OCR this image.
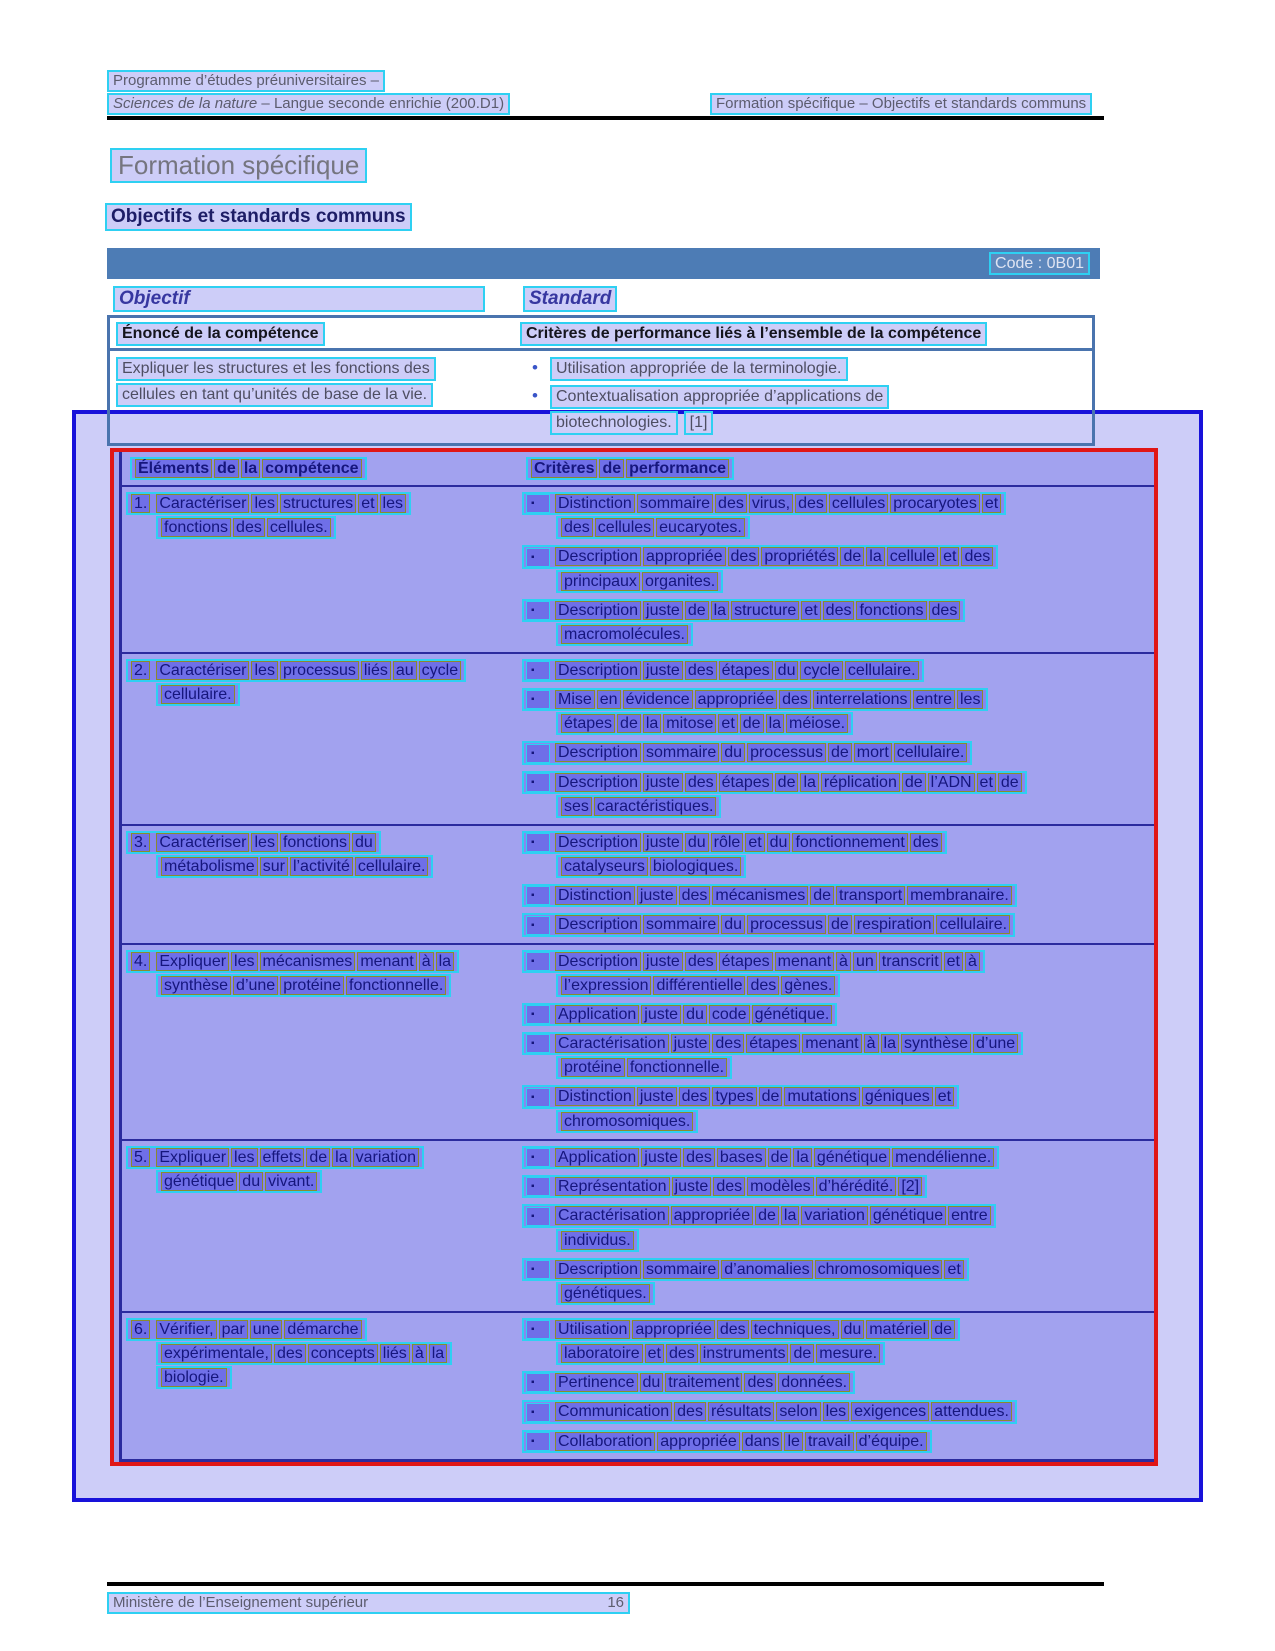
Programme d’études préuniversitaires –
Sciences de la nature – Langue seconde enrichie (200.D1)	Formation spécifique – Objectifs et standards communs
Formation spécifique
Objectifs et standards communs
Code : 0B01
Objectif	Standard
Énoncé de la compétence	Critères de performance liés à l’ensemble de la compétence
Expliquer les structures et les fonctions des
cellules en tant qu’unités de base de la vie.
• Utilisation appropriée de la terminologie.
• Contextualisation appropriée d’applications de
biotechnologies. [1]
Éléments de la compétence	Critères de performance
1. Caractériser les structures et les
fonctions des cellules.
▪ Distinction sommaire des virus, des cellules procaryotes et
des cellules eucaryotes.
▪ Description appropriée des propriétés de la cellule et des
principaux organites.
▪ Description juste de la structure et des fonctions des
macromolécules.
2. Caractériser les processus liés au cycle
cellulaire.
▪ Description juste des étapes du cycle cellulaire.
▪ Mise en évidence appropriée des interrelations entre les
étapes de la mitose et de la méiose.
▪ Description sommaire du processus de mort cellulaire.
▪ Description juste des étapes de la réplication de l’ADN et de
ses caractéristiques.
3. Caractériser les fonctions du
métabolisme sur l’activité cellulaire.
▪ Description juste du rôle et du fonctionnement des
catalyseurs biologiques.
▪ Distinction juste des mécanismes de transport membranaire.
▪ Description sommaire du processus de respiration cellulaire.
4. Expliquer les mécanismes menant à la
synthèse d’une protéine fonctionnelle.
▪ Description juste des étapes menant à un transcrit et à
l’expression différentielle des gènes.
▪ Application juste du code génétique.
▪ Caractérisation juste des étapes menant à la synthèse d’une
protéine fonctionnelle.
▪ Distinction juste des types de mutations géniques et
chromosomiques.
5. Expliquer les effets de la variation
génétique du vivant.
▪ Application juste des bases de la génétique mendélienne.
▪ Représentation juste des modèles d’hérédité. [2]
▪ Caractérisation appropriée de la variation génétique entre
individus.
▪ Description sommaire d’anomalies chromosomiques et
génétiques.
6. Vérifier, par une démarche
expérimentale, des concepts liés à la
biologie.
▪ Utilisation appropriée des techniques, du matériel de
laboratoire et des instruments de mesure.
▪ Pertinence du traitement des données.
▪ Communication des résultats selon les exigences attendues.
▪ Collaboration appropriée dans le travail d’équipe.
Ministère de l’Enseignement supérieur	16
